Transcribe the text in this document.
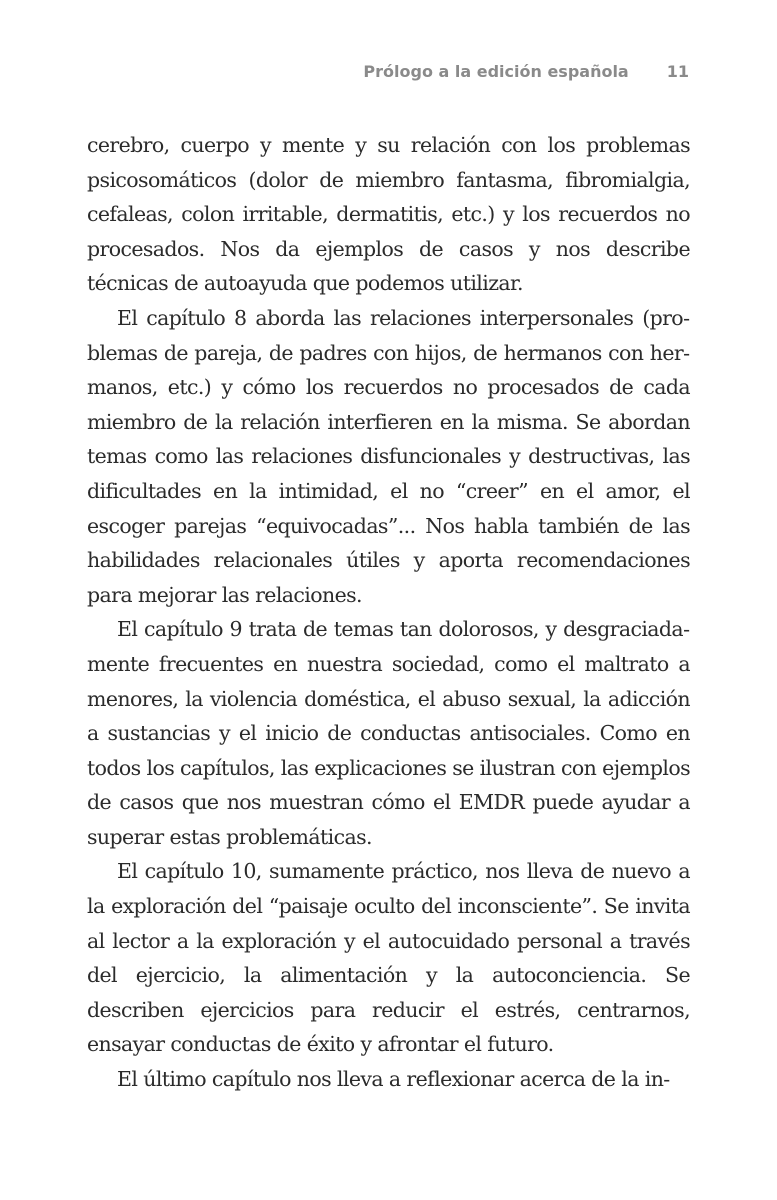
Prólogo a la edición española 11

cerebro, cuerpo y mente y su relación con los problemas psicosomáticos (dolor de miembro fantasma, fibromialgia, cefaleas, colon irritable, dermatitis, etc.) y los recuerdos no procesados. Nos da ejemplos de casos y nos describe técnicas de autoayuda que podemos utilizar.

El capítulo 8 aborda las relaciones interpersonales (problemas de pareja, de padres con hijos, de hermanos con hermanos, etc.) y cómo los recuerdos no procesados de cada miembro de la relación interfieren en la misma. Se abordan temas como las relaciones disfuncionales y destructivas, las dificultades en la intimidad, el no “creer” en el amor, el escoger parejas “equivocadas”... Nos habla también de las habilidades relacionales útiles y aporta recomendaciones para mejorar las relaciones.

El capítulo 9 trata de temas tan dolorosos, y desgraciadamente frecuentes en nuestra sociedad, como el maltrato a menores, la violencia doméstica, el abuso sexual, la adicción a sustancias y el inicio de conductas antisociales. Como en todos los capítulos, las explicaciones se ilustran con ejemplos de casos que nos muestran cómo el EMDR puede ayudar a superar estas problemáticas.

El capítulo 10, sumamente práctico, nos lleva de nuevo a la exploración del “paisaje oculto del inconsciente”. Se invita al lector a la exploración y el autocuidado personal a través del ejercicio, la alimentación y la autoconciencia. Se describen ejercicios para reducir el estrés, centrarnos, ensayar conductas de éxito y afrontar el futuro.

El último capítulo nos lleva a reflexionar acerca de la in-
